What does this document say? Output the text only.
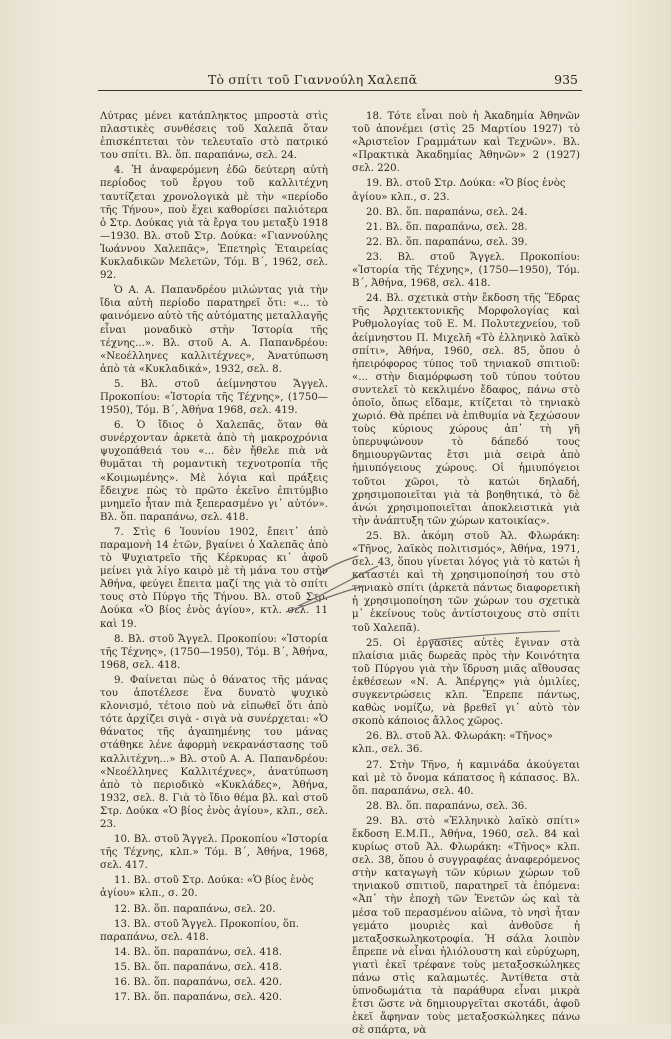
Τὸ σπίτι τοῦ Γιαννούλη Χαλεπᾶ	935

Λύτρας μένει κατάπληκτος μπροστὰ στὶς πλαστικὲς συνθέσεις τοῦ Χαλεπᾶ ὅταν ἐπισκέπτεται τὸν τελευταῖο στὸ πατρικό του σπίτι. Βλ. ὅπ. παραπάνω, σελ. 24.

4. Ἡ ἀναφερόμενη ἐδῶ δεύτερη αὐτὴ περίοδος τοῦ ἔργου τοῦ καλλιτέχνη ταυτίζεται χρονολογικὰ μὲ τὴν «περίοδο τῆς Τήνου», ποὺ ἔχει καθορίσει παλιότερα ὁ Στρ. Δούκας γιὰ τὰ ἔργα του μεταξὺ 1918—1930. Βλ. στοῦ Στρ. Δούκα: «Γιαννούλης Ἰωάννου Χαλεπᾶς», Ἐπετηρὶς Ἑταιρείας Κυκλαδικῶν Μελετῶν, Τόμ. Β΄, 1962, σελ. 92.

Ὁ Α. Α. Παπανδρέου μιλώντας γιὰ τὴν ἴδια αὐτὴ περίοδο παρατηρεῖ ὅτι: «... τὸ φαινόμενο αὐτὸ τῆς αὐτόματης μεταλλαγῆς εἶναι μοναδικὸ στὴν Ἱστορία τῆς τέχνης...». Βλ. στοῦ Α. Α. Παπανδρέου: «Νεοέλληνες καλλιτέχνες», Ἀνατύπωση ἀπὸ τὰ «Κυκλαδικά», 1932, σελ. 8.

5. Βλ. στοῦ ἀείμνηστου Ἄγγελ. Προκοπίου: «Ἱστορία τῆς Τέχνης», (1750—1950), Τόμ. Β΄, Ἀθήνα 1968, σελ. 419.

6. Ὁ ἴδιος ὁ Χαλεπᾶς, ὅταν θὰ συνέρχονταν ἀρκετὰ ἀπὸ τὴ μακροχρόνια ψυχοπάθειά του «... δὲν ἤθελε πιὰ νὰ θυμᾶται τὴ ρομαντικὴ τεχνοτροπία τῆς «Κοιμωμένης». Μὲ λόγια καὶ πράξεις ἔδειχνε πὼς τὸ πρῶτο ἐκεῖνο ἐπιτύμβιο μνημεῖο ἦταν πιὰ ξεπερασμένο γι᾿ αὐτόν». Βλ. ὅπ. παραπάνω, σελ. 418.

7. Στὶς 6 Ἰουνίου 1902, ἔπειτ᾿ ἀπὸ παραμονὴ 14 ἐτῶν, βγαίνει ὁ Χαλεπᾶς ἀπὸ τὸ Ψυχιατρεῖο τῆς Κέρκυρας κι᾿ ἀφοῦ μείνει γιὰ λίγο καιρὸ μὲ τὴ μάνα του στὴν Ἀθήνα, φεύγει ἔπειτα μαζί της γιὰ τὸ σπίτι τους στὸ Πύργο τῆς Τήνου. Βλ. στοῦ Στρ. Δούκα «Ὁ βίος ἑνὸς ἁγίου», κτλ. σελ. 11 καὶ 19.

8. Βλ. στοῦ Ἄγγελ. Προκοπίου: «Ἱστορία τῆς Τέχνης», (1750—1950), Τόμ. Β΄, Ἀθήνα, 1968, σελ. 418.

9. Φαίνεται πὼς ὁ θάνατος τῆς μάνας του ἀποτέλεσε ἕνα δυνατὸ ψυχικὸ κλονισμό, τέτοιο ποὺ νὰ εἰπωθεῖ ὅτι ἀπὸ τότε ἀρχίζει σιγὰ - σιγὰ νὰ συνέρχεται: «Ὁ θάνατος τῆς ἀγαπημένης του μάνας στάθηκε λένε ἀφορμὴ νεκρανάστασης τοῦ καλλιτέχνη...» Βλ. στοῦ Α. Α. Παπανδρέου: «Νεοέλληνες Καλλιτέχνες», ἀνατύπωση ἀπὸ τὸ περιοδικὸ «Κυκλάδες», Ἀθήνα, 1932, σελ. 8. Γιὰ τὸ ἴδιο θέμα βλ. καὶ στοῦ Στρ. Δούκα «Ὁ βίος ἑνὸς ἁγίου», κλπ., σελ. 23.

10. Βλ. στοῦ Ἄγγελ. Προκοπίου «Ἱστορία τῆς Τέχνης, κλπ.» Τόμ. Β΄, Ἀθήνα, 1968, σελ. 417.

11. Βλ. στοῦ Στρ. Δούκα: «Ὁ βίος ἑνὸς ἁγίου» κλπ., σ. 20.

12. Βλ. ὅπ. παραπάνω, σελ. 20.

13. Βλ. στοῦ Ἄγγελ. Προκοπίου, ὅπ. παραπάνω, σελ. 418.

14. Βλ. ὅπ. παραπάνω, σελ. 418.

15. Βλ. ὅπ. παραπάνω, σελ. 418.

16. Βλ. ὅπ. παραπάνω, σελ. 420.

17. Βλ. ὅπ. παραπάνω, σελ. 420.

18. Τότε εἶναι ποὺ ἡ Ἀκαδημία Ἀθηνῶν τοῦ ἀπονέμει (στὶς 25 Μαρτίου 1927) τὸ «Ἀριστεῖον Γραμμάτων καὶ Τεχνῶν». Βλ. «Πρακτικὰ Ἀκαδημίας Ἀθηνῶν» 2 (1927) σελ. 220.

19. Βλ. στοῦ Στρ. Δούκα: «Ὁ βίος ἑνὸς ἁγίου» κλπ., σ. 23.

20. Βλ. ὅπ. παραπάνω, σελ. 24.

21. Βλ. ὅπ. παραπάνω, σελ. 28.

22. Βλ. ὅπ. παραπάνω, σελ. 39.

23. Βλ. στοῦ Ἄγγελ. Προκοπίου: «Ἱστορία τῆς Τέχνης», (1750—1950), Τόμ. Β΄, Ἀθήνα, 1968, σελ. 418.

24. Βλ. σχετικὰ στὴν ἔκδοση τῆς Ἕδρας τῆς Ἀρχιτεκτονικῆς Μορφολογίας καὶ Ρυθμολογίας τοῦ Ε. Μ. Πολυτεχνείου, τοῦ ἀείμνηστου Π. Μιχελῆ «Τὸ ἑλληνικὸ λαϊκὸ σπίτι», Ἀθήνα, 1960, σελ. 85, ὅπου ὁ ἠπειρόφορος τύπος τοῦ τηνιακοῦ σπιτιοῦ: «... στὴν διαμόρφωση τοῦ τύπου τούτου συντελεῖ τὸ κεκλιμένο ἔδαφος, πάνω στὸ ὁποῖο, ὅπως εἴδαμε, κτίζεται τὸ τηνιακὸ χωριό. Θὰ πρέπει νὰ ἐπιθυμία νὰ ξεχώσουν τοὺς κύριους χώρους ἀπ᾿ τὴ γῆ ὑπερυψώνουν τὸ δάπεδό τους δημιουργῶντας ἔτσι μιὰ σειρὰ ἀπὸ ἡμιυπόγειους χώρους. Οἱ ἡμιυπόγειοι τοῦτοι χῶροι, τὸ κατώι δηλαδή, χρησιμοποιεῖται γιὰ τὰ βοηθητικά, τὸ δὲ ἀνώι χρησιμοποιεῖται ἀποκλειστικὰ γιὰ τὴν ἀνάπτυξη τῶν χώρων κατοικίας».

25. Βλ. ἀκόμη στοῦ Ἀλ. Φλωράκη: «Τῆνος, λαϊκὸς πολιτισμός», Ἀθήνα, 1971, σελ. 43, ὅπου γίνεται λόγος γιὰ τὸ κατώι ἡ καταστέι καὶ τὴ χρησιμοποίησή του στὸ τηνιακὸ σπίτι (ἀρκετὰ πάντως διαφορετικὴ ἡ χρησιμοποίηση τῶν χώρων του σχετικὰ μ᾿ ἐκείνους τοὺς ἀντίστοιχους στὸ σπίτι τοῦ Χαλεπᾶ).

25. Οἱ ἐργασίες αὐτὲς ἔγιναν στὰ πλαίσια μιᾶς δωρεᾶς πρὸς τὴν Κοινότητα τοῦ Πύργου γιὰ τὴν ἵδρυση μιᾶς αἴθουσας ἐκθέσεων «Ν. Α. Ἀπέργης» γιὰ ὁμιλίες, συγκεντρώσεις κλπ. Ἔπρεπε πάντως, καθὼς νομίζω, νὰ βρεθεῖ γι᾿ αὐτὸ τὸν σκοπὸ κάποιος ἄλλος χῶρος.

26. Βλ. στοῦ Ἀλ. Φλωράκη: «Τῆνος» κλπ., σελ. 36.

27. Στὴν Τῆνο, ἡ καμινάδα ἀκούγεται καὶ μὲ τὸ ὄνομα κάπατσος ἢ κάπασος. Βλ. ὅπ. παραπάνω, σελ. 40.

28. Βλ. ὅπ. παραπάνω, σελ. 36.

29. Βλ. στὸ «Ἑλληνικὸ λαϊκὸ σπίτι» ἔκδοση Ε.Μ.Π., Ἀθήνα, 1960, σελ. 84 καὶ κυρίως στοῦ Ἀλ. Φλωράκη: «Τῆνος» κλπ. σελ. 38, ὅπου ὁ συγγραφέας ἀναφερόμενος στὴν καταγωγὴ τῶν κύριων χώρων τοῦ τηνιακοῦ σπιτιοῦ, παρατηρεῖ τὰ ἑπόμενα: «Ἀπ᾿ τὴν ἐποχὴ τῶν Ἐνετῶν ὡς καὶ τὰ μέσα τοῦ περασμένου αἰῶνα, τὸ νησὶ ἦταν γεμάτο μουριὲς καὶ ἀνθοῦσε ἡ μεταξοσκωληκοτροφία. Ἡ σάλα λοιπὸν ἔπρεπε νὰ εἶναι ἡλιόλουστη καὶ εὐρύχωρη, γιατὶ ἐκεῖ τρέφανε τοὺς μεταξοσκώληκες πάνω στὶς καλαμωτές. Ἀντίθετα στὰ ὑπνοδωμάτια τὰ παράθυρα εἶναι μικρὰ ἔτσι ὥστε νὰ δημιουργεῖται σκοτάδι, ἀφοῦ ἐκεῖ ἄφηναν τοὺς μεταξοσκώληκες πάνω σὲ σπάρτα, νὰ
